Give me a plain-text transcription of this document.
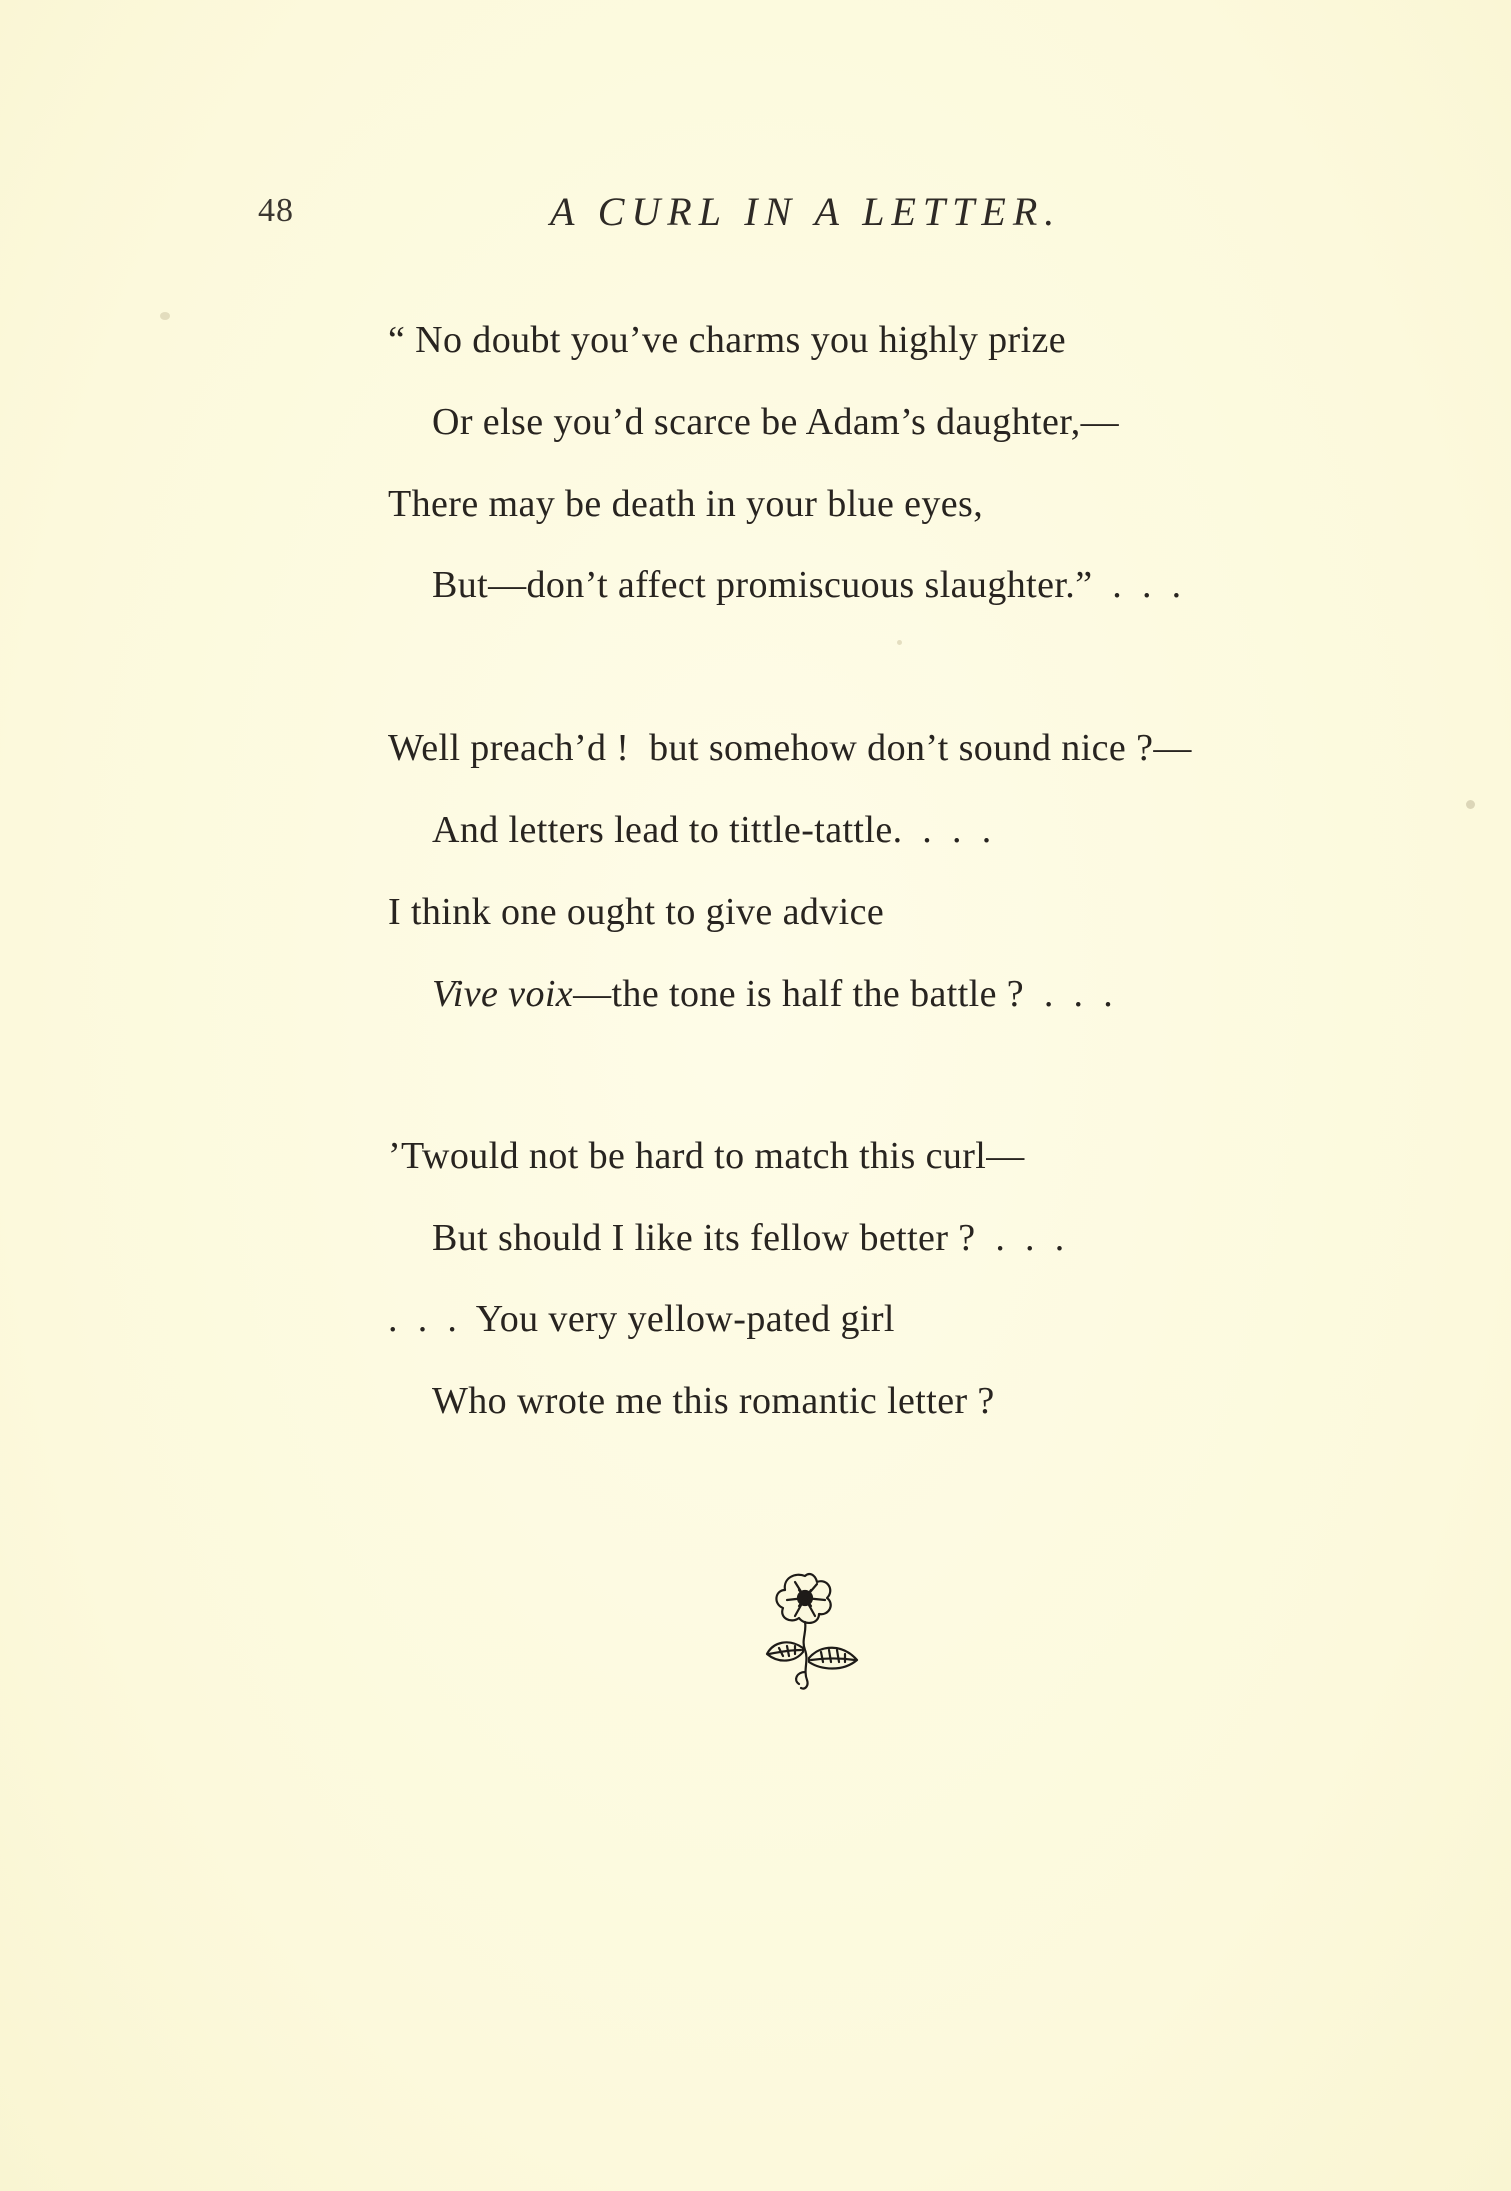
48	A CURL IN A LETTER.
“ No doubt you’ve charms you highly prize
Or else you’d scarce be Adam’s daughter,—
There may be death in your blue eyes,
But—don’t affect promiscuous slaughter.”  .  .  .
Well preach’d !  but somehow don’t sound nice ?—
And letters lead to tittle-tattle.  .  .  .
I think one ought to give advice
Vive voix—the tone is half the battle ?  .  .  .
’Twould not be hard to match this curl—
But should I like its fellow better ?  .  .  .
.  .  .  You very yellow-pated girl
Who wrote me this romantic letter ?
